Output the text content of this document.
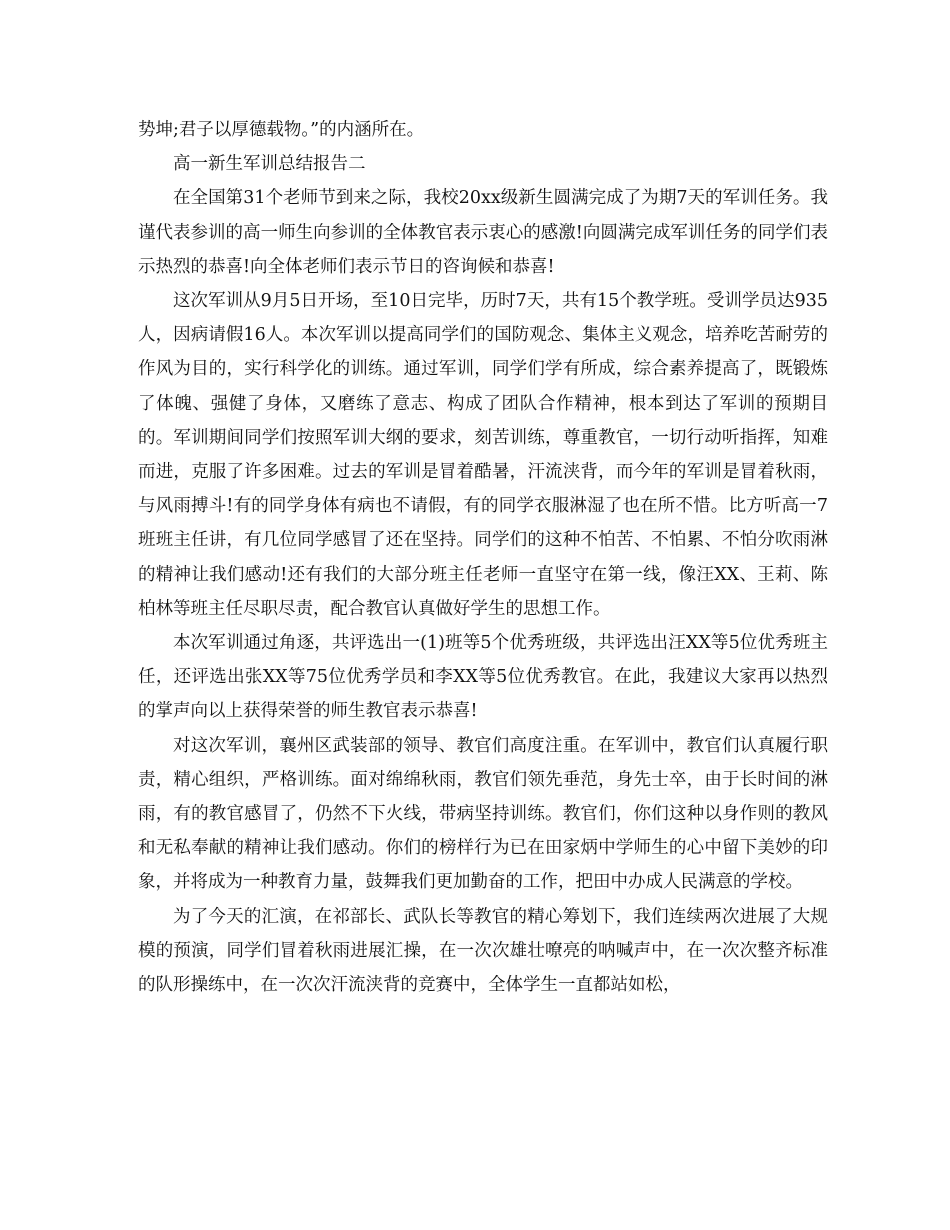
势坤;君子以厚德载物。”的内涵所在。

高一新生军训总结报告二

在全国第31个老师节到来之际，我校20xx级新生圆满完成了为期7天的军训任务。我谨代表参训的高一师生向参训的全体教官表示衷心的感激!向圆满完成军训任务的同学们表示热烈的恭喜!向全体老师们表示节日的咨询候和恭喜!

这次军训从9月5日开场，至10日完毕，历时7天，共有15个教学班。受训学员达935人，因病请假16人。本次军训以提高同学们的国防观念、集体主义观念，培养吃苦耐劳的作风为目的，实行科学化的训练。通过军训，同学们学有所成，综合素养提高了，既锻炼了体魄、强健了身体，又磨练了意志、构成了团队合作精神，根本到达了军训的预期目的。军训期间同学们按照军训大纲的要求，刻苦训练，尊重教官，一切行动听指挥，知难而进，克服了许多困难。过去的军训是冒着酷暑，汗流浃背，而今年的军训是冒着秋雨，与风雨搏斗!有的同学身体有病也不请假，有的同学衣服淋湿了也在所不惜。比方听高一7班班主任讲，有几位同学感冒了还在坚持。同学们的这种不怕苦、不怕累、不怕分吹雨淋的精神让我们感动!还有我们的大部分班主任老师一直坚守在第一线，像汪XX、王莉、陈柏林等班主任尽职尽责，配合教官认真做好学生的思想工作。

本次军训通过角逐，共评选出一(1)班等5个优秀班级，共评选出汪XX等5位优秀班主任，还评选出张XX等75位优秀学员和李XX等5位优秀教官。在此，我建议大家再以热烈的掌声向以上获得荣誉的师生教官表示恭喜!

对这次军训，襄州区武装部的领导、教官们高度注重。在军训中，教官们认真履行职责，精心组织，严格训练。面对绵绵秋雨，教官们领先垂范，身先士卒，由于长时间的淋雨，有的教官感冒了，仍然不下火线，带病坚持训练。教官们，你们这种以身作则的教风和无私奉献的精神让我们感动。你们的榜样行为已在田家炳中学师生的心中留下美妙的印象，并将成为一种教育力量，鼓舞我们更加勤奋的工作，把田中办成人民满意的学校。

为了今天的汇演，在祁部长、武队长等教官的精心筹划下，我们连续两次进展了大规模的预演，同学们冒着秋雨进展汇操，在一次次雄壮嘹亮的呐喊声中，在一次次整齐标准的队形操练中，在一次次汗流浃背的竞赛中，全体学生一直都站如松，
